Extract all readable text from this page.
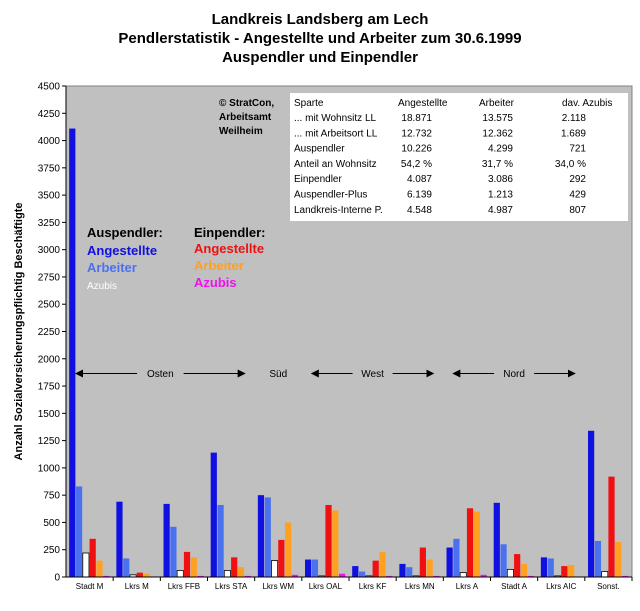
Landkreis Landsberg am Lech
Pendlerstatistik - Angestellte und Arbeiter zum 30.6.1999
Auspendler und Einpendler
0
250
500
750
1000
1250
1500
1750
2000
2250
2500
2750
3000
3250
3500
3750
4000
4250
4500
Stadt M	Lkrs M Lkrs FFB Lkrs STA Lkrs WM Lkrs OAL Lkrs KF Lkrs MN	Lkrs A	Stadt A Lkrs AIC	Sonst.
Osten	Süd	West	Nord
Auspendler:
Angestellte
Arbeiter
Azubis
Einpendler:
Angestellte
Arbeiter
Azubis
© StratCon,
Arbeitsamt
Weilheim
Sparte	Angestellte	Arbeiter	dav. Azubis
... mit Wohnsitz LL	18.871	13.575	2.118
... mit Arbeitsort LL 12.732	12.362	1.689
Auspendler	10.226	4.299	721
Anteil an Wohnsitz 54,2 %	31,7 %	34,0 %
Einpendler	4.087	3.086	292
Auspendler-Plus	6.139	1.213	429
Landkreis-Interne P. 4.548	4.987	807
Anzahl Sozialversicherungspflichtig Beschäftigte
